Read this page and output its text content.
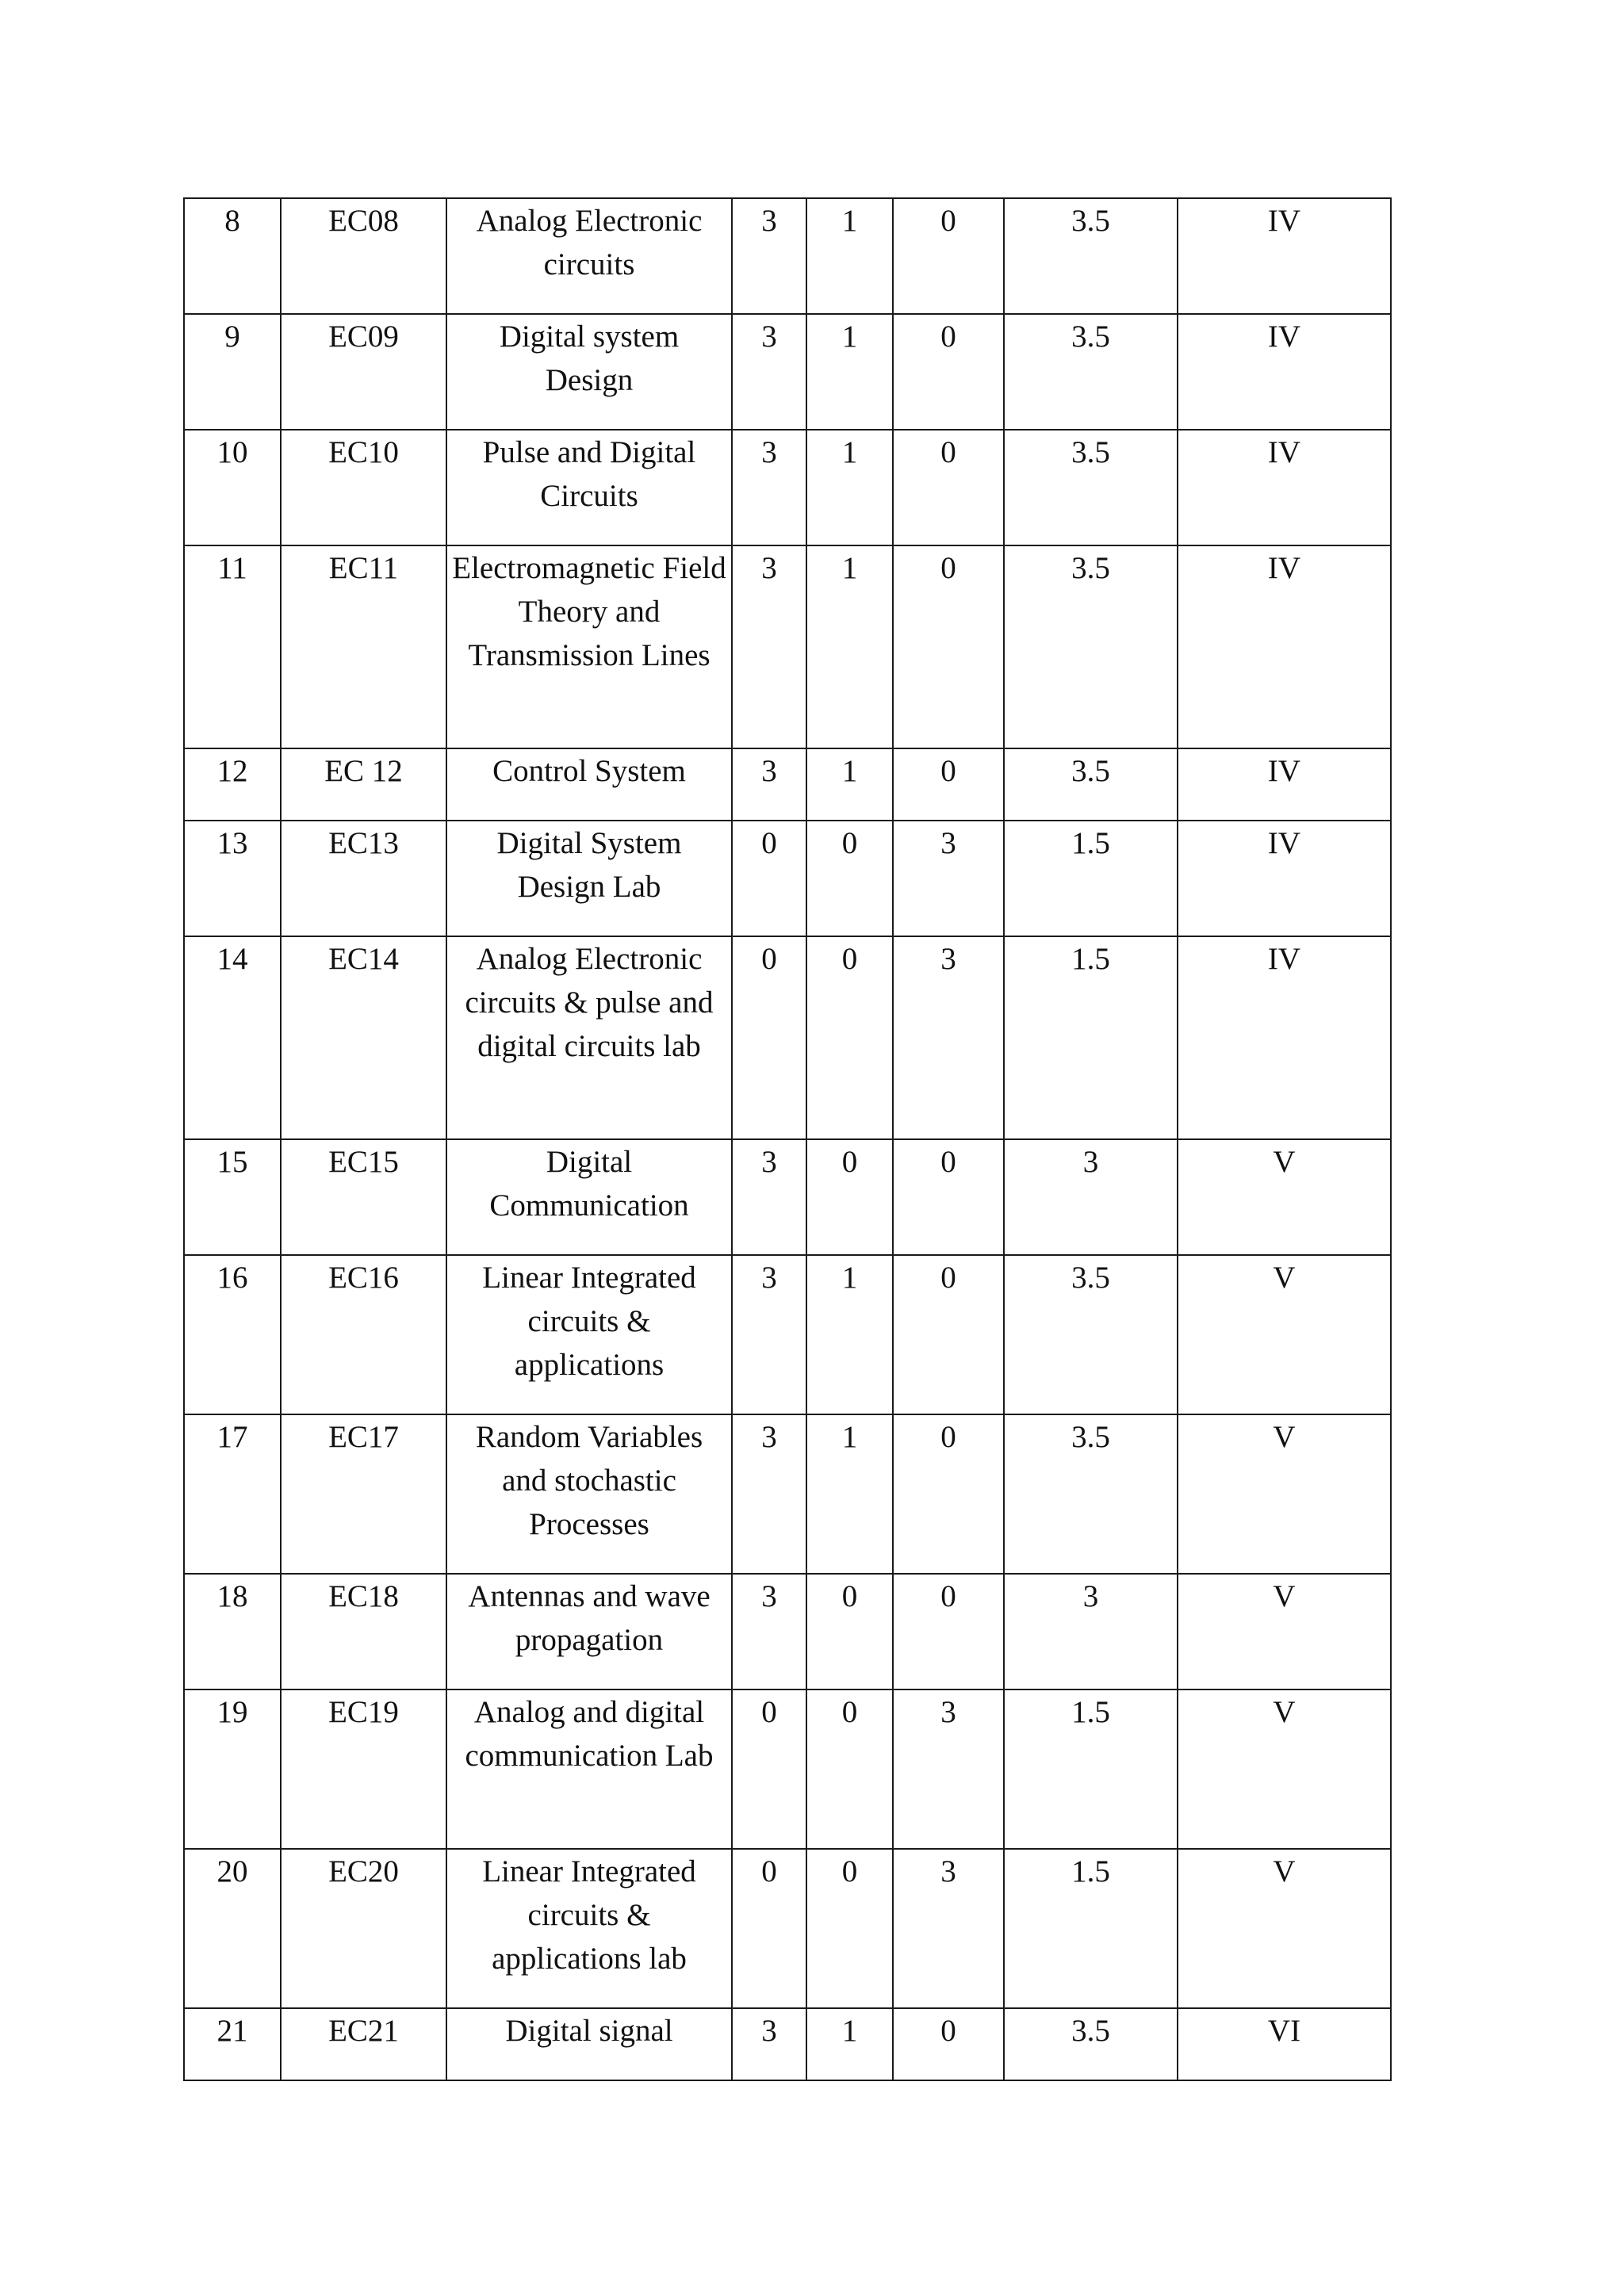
8	EC08	Analog Electronic circuits	3	1	0	3.5	IV
9	EC09	Digital system Design	3	1	0	3.5	IV
10	EC10	Pulse and Digital Circuits	3	1	0	3.5	IV
11	EC11	Electromagnetic Field Theory and Transmission Lines	3	1	0	3.5	IV
12	EC 12	Control System	3	1	0	3.5	IV
13	EC13	Digital System Design Lab	0	0	3	1.5	IV
14	EC14	Analog Electronic circuits & pulse and digital circuits lab	0	0	3	1.5	IV
15	EC15	Digital Communication	3	0	0	3	V
16	EC16	Linear Integrated circuits & applications	3	1	0	3.5	V
17	EC17	Random Variables and stochastic Processes	3	1	0	3.5	V
18	EC18	Antennas and wave propagation	3	0	0	3	V
19	EC19	Analog and digital communication Lab	0	0	3	1.5	V
20	EC20	Linear Integrated circuits & applications lab	0	0	3	1.5	V
21	EC21	Digital signal	3	1	0	3.5	VI
